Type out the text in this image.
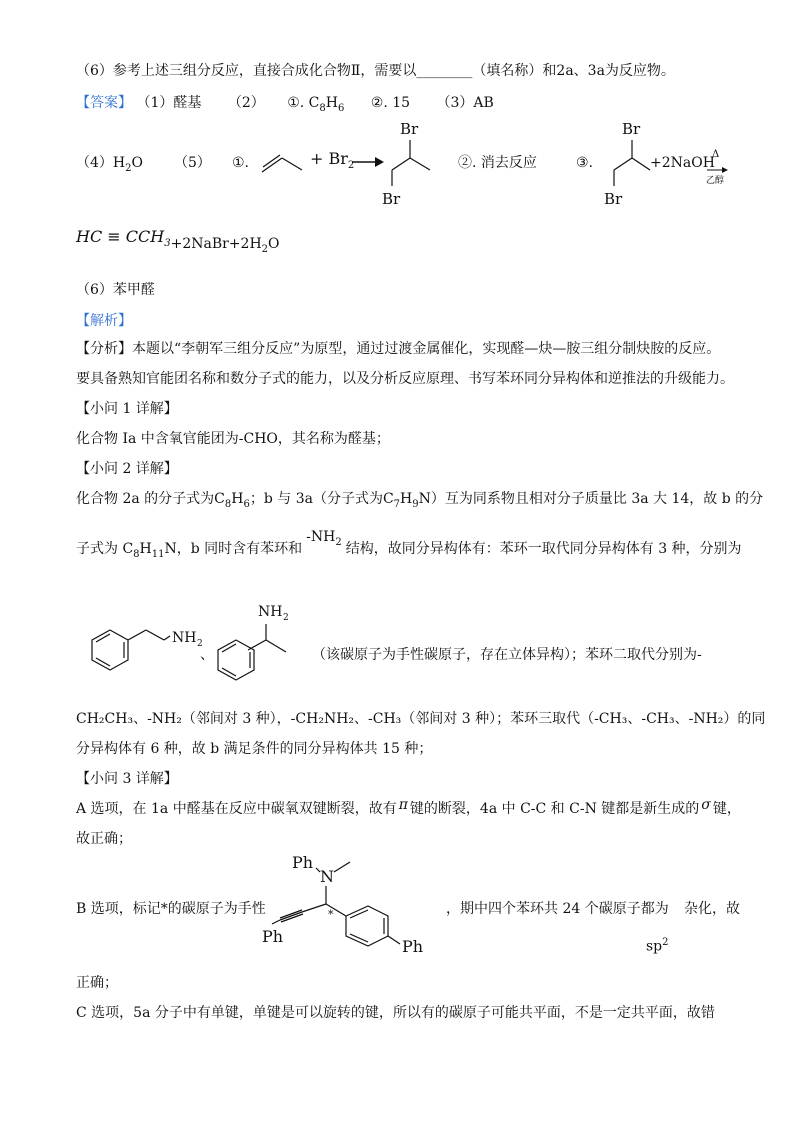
（6）参考上述三组分反应，直接合成化合物Ⅱ，需要以________（填名称）和2a、3a为反应物。
【答案】 （1）醛基 （2） ①. $C_8H_6$ ②. 15 （3）AB
$(4)H_2O$ （5） ①.	+ $Br_2$
Br
Br
②. 消去反应	③.
Br
Br
+2NaOH
Δ
乙醇
HC ≡ $CCH_3+2NaBr+2H_2O$
（6）苯甲醛
【解析】
【分析】本题以“李朝军三组分反应”为原型，通过过渡金属催化，实现醛—炔—胺三组分制炔胺的反应。
要具备熟知官能团名称和数分子式的能力，以及分析反应原理、书写苯环同分异构体和逆推法的升级能力。
【小问 1 详解】
化合物 Ia 中含氧官能团为-CHO，其名称为醛基；
【小问 2 详解】
化合物 2a 的分子式为$C_8H_6$；b 与 3a（分子式为$C_7H_9N$）互为同系物且相对分子质量比 3a 大 14，故 b 的分
子式为 $C_8H_{11}N$，b 同时含有苯环和$-NH_2$ 结构，故同分异构体有：苯环一取代同分异构体有 3 种，分别为
NH 2
、
NH 2
（该碳原子为手性碳原子，存在立体异构）；苯环二取代分别为-
CH₂CH₃、-NH₂（邻间对 3 种），-CH₂NH₂、-CH₃（邻间对 3 种）；苯环三取代（-CH₃、-CH₃、-NH₂）的同
分异构体有 6 种，故 b 满足条件的同分异构体共 15 种；
【小问 3 详解】
A 选项，在 1a 中醛基在反应中碳氧双键断裂，故有 π 键的断裂，4a 中 C-C 和 C-N 键都是新生成的 σ 键，
故正确；
Ph
N
*
Ph
Ph
B 选项，标记*的碳原子为手性	，期中四个苯环共 24 个碳原子都为 杂化，故
$sp^2$
正确；
C 选项，5a 分子中有单键，单键是可以旋转的键，所以有的碳原子可能共平面，不是一定共平面，故错
